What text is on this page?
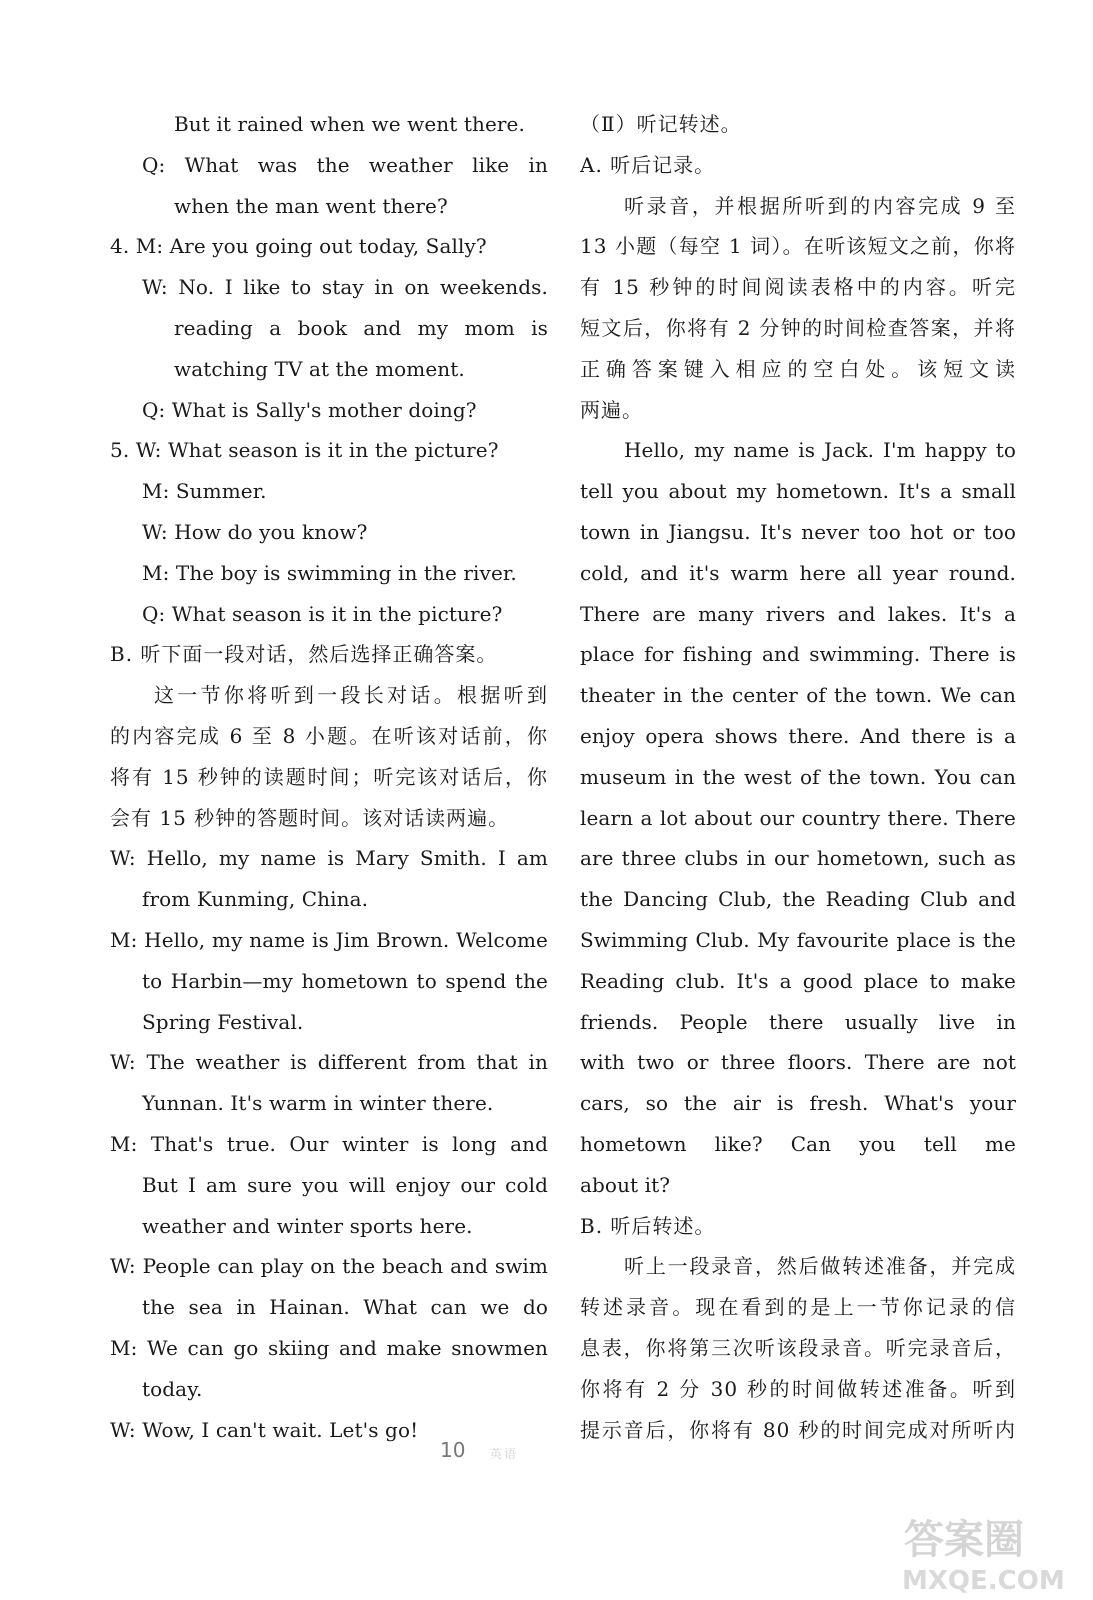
But it rained when we went there.
Q: What was the weather like in
when the man went there?
4. M: Are you going out today, Sally?
W: No. I like to stay in on weekends.
reading a book and my mom is
watching TV at the moment.
Q: What is Sally's mother doing?
5. W: What season is it in the picture?
M: Summer.
W: How do you know?
M: The boy is swimming in the river.
Q: What season is it in the picture?
B. 听下面一段对话，然后选择正确答案。
这一节你将听到一段长对话。根据听到
的内容完成 6 至 8 小题。在听该对话前，你
将有 15 秒钟的读题时间；听完该对话后，你
会有 15 秒钟的答题时间。该对话读两遍。
W: Hello, my name is Mary Smith. I am
from Kunming, China.
M: Hello, my name is Jim Brown. Welcome
to Harbin—my hometown to spend the
Spring Festival.
W: The weather is different from that in
Yunnan. It's warm in winter there.
M: That's true. Our winter is long and
But I am sure you will enjoy our cold
weather and winter sports here.
W: People can play on the beach and swim
the sea in Hainan. What can we do
M: We can go skiing and make snowmen
today.
W: Wow, I can't wait. Let's go!
（Ⅱ）听记转述。
A. 听后记录。
听录音，并根据所听到的内容完成 9 至
13 小题（每空 1 词）。在听该短文之前，你将
有 15 秒钟的时间阅读表格中的内容。听完
短文后，你将有 2 分钟的时间检查答案，并将
正确答案键入相应的空白处。该短文读
两遍。
Hello, my name is Jack. I'm happy to
tell you about my hometown. It's a small
town in Jiangsu. It's never too hot or too
cold, and it's warm here all year round.
There are many rivers and lakes. It's a
place for fishing and swimming. There is
theater in the center of the town. We can
enjoy opera shows there. And there is a
museum in the west of the town. You can
learn a lot about our country there. There
are three clubs in our hometown, such as
the Dancing Club, the Reading Club and
Swimming Club. My favourite place is the
Reading club. It's a good place to make
friends. People there usually live in
with two or three floors. There are not
cars, so the air is fresh. What's your
hometown like? Can you tell me
about it?
B. 听后转述。
听上一段录音，然后做转述准备，并完成
转述录音。现在看到的是上一节你记录的信
息表，你将第三次听该段录音。听完录音后，
你将有 2 分 30 秒的时间做转述准备。听到
提示音后，你将有 80 秒的时间完成对所听内
10 英语
答案圈
MXQE.COM
